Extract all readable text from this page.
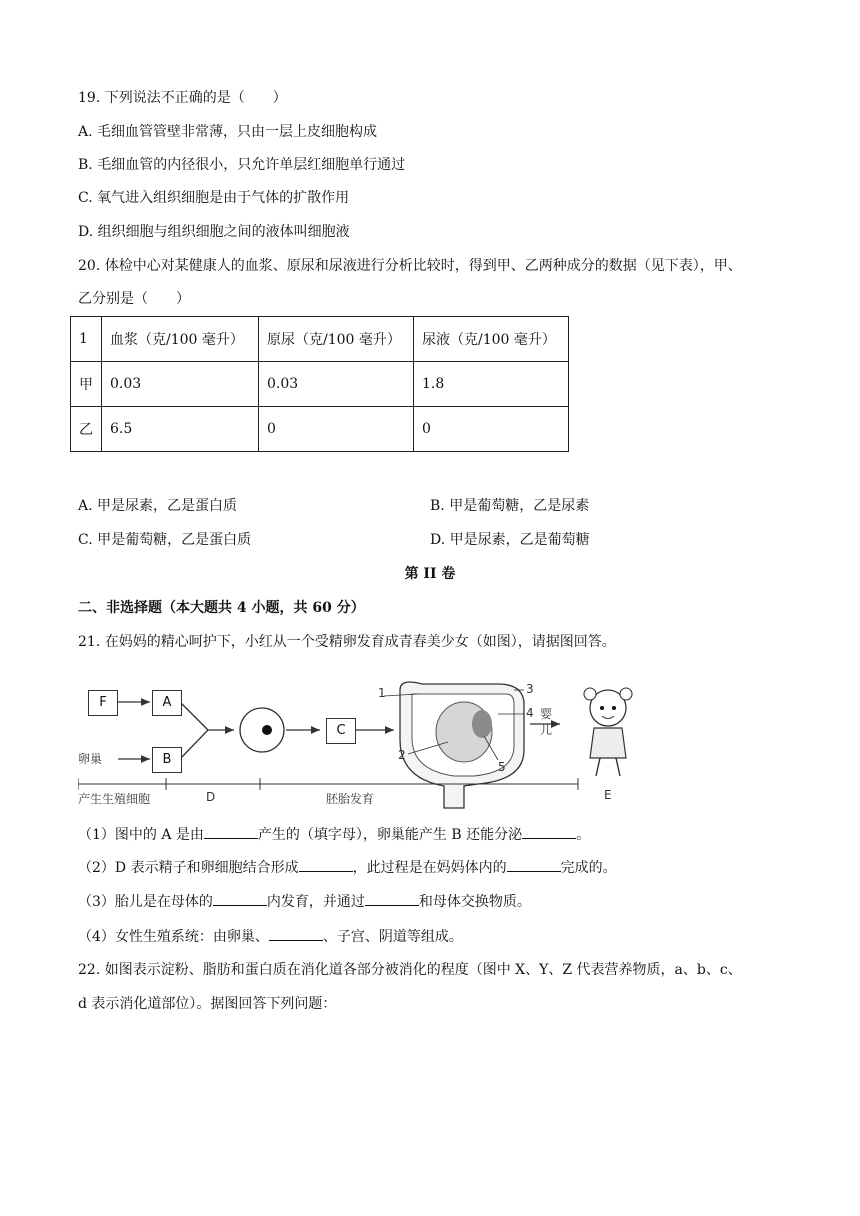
19. 下列说法不正确的是（　　）
A. 毛细血管管壁非常薄，只由一层上皮细胞构成
B. 毛细血管的内径很小，只允许单层红细胞单行通过
C. 氧气进入组织细胞是由于气体的扩散作用
D. 组织细胞与组织细胞之间的液体叫细胞液
20. 体检中心对某健康人的血浆、原尿和尿液进行分析比较时，得到甲、乙两种成分的数据（见下表），甲、
乙分别是（　　）
1	血浆（克/100 毫升）	原尿（克/100 毫升）	尿液（克/100 毫升）
甲	0.03	0.03	1.8
乙	6.5	0	0
A. 甲是尿素，乙是蛋白质	B. 甲是葡萄糖，乙是尿素
C. 甲是葡萄糖，乙是蛋白质	D. 甲是尿素，乙是葡萄糖
第 II 卷
二、非选择题（本大题共 4 小题，共 60 分）
21. 在妈妈的精心呵护下，小红从一个受精卵发育成青春美少女（如图），请据图回答。
F	A
B
C
卵巢
产生生殖细胞	D	胚胎发育
婴儿
E
1
2
3
4
5
（1）图中的 A 是由	产生的（填字母），卵巢能产生 B 还能分泌	。
（2）D 表示精子和卵细胞结合形成	，此过程是在妈妈体内的	完成的。
（3）胎儿是在母体的	内发育，并通过	和母体交换物质。
（4）女性生殖系统：由卵巢、	、子宫、阴道等组成。
22. 如图表示淀粉、脂肪和蛋白质在消化道各部分被消化的程度（图中 X、Y、Z 代表营养物质，a、b、c、
d 表示消化道部位）。据图回答下列问题：
